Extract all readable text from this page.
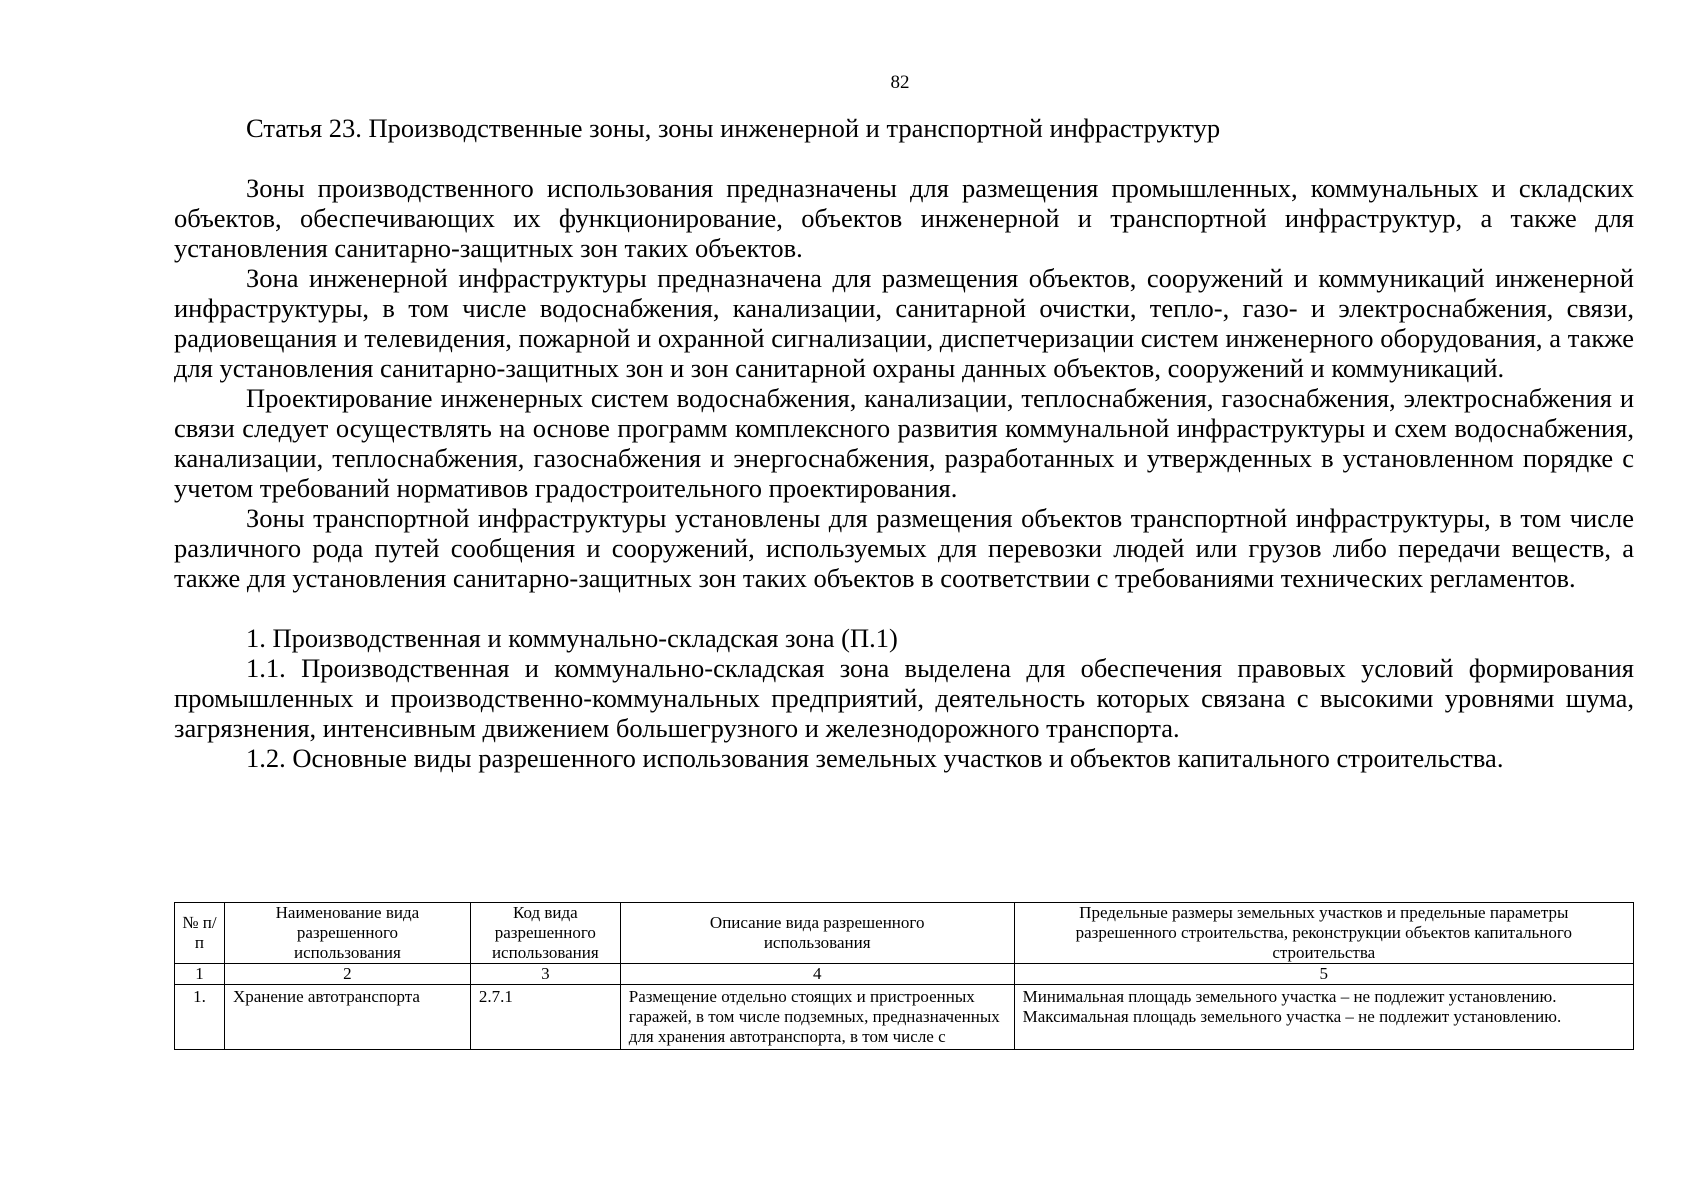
82

Статья 23. Производственные зоны, зоны инженерной и транспортной инфраструктур

Зоны производственного использования предназначены для размещения промышленных, коммунальных и складских объектов, обеспечивающих их функционирование, объектов инженерной и транспортной инфраструктур, а также для установления санитарно-защитных зон таких объектов.

Зона инженерной инфраструктуры предназначена для размещения объектов, сооружений и коммуникаций инженерной инфраструктуры, в том числе водоснабжения, канализации, санитарной очистки, тепло-, газо- и электроснабжения, связи, радиовещания и телевидения, пожарной и охранной сигнализации, диспетчеризации систем инженерного оборудования, а также для установления санитарно-защитных зон и зон санитарной охраны данных объектов, сооружений и коммуникаций.

Проектирование инженерных систем водоснабжения, канализации, теплоснабжения, газоснабжения, электроснабжения и связи следует осуществлять на основе программ комплексного развития коммунальной инфраструктуры и схем водоснабжения, канализации, теплоснабжения, газоснабжения и энергоснабжения, разработанных и утвержденных в установленном порядке с учетом требований нормативов градостроительного проектирования.

Зоны транспортной инфраструктуры установлены для размещения объектов транспортной инфраструктуры, в том числе различного рода путей сообщения и сооружений, используемых для перевозки людей или грузов либо передачи веществ, а также для установления санитарно-защитных зон таких объектов в соответствии с требованиями технических регламентов.

1. Производственная и коммунально-складская зона (П.1)

1.1. Производственная и коммунально-складская зона выделена для обеспечения правовых условий формирования промышленных и производственно-коммунальных предприятий, деятельность которых связана с высокими уровнями шума, загрязнения, интенсивным движением большегрузного и железнодорожного транспорта.

1.2. Основные виды разрешенного использования земельных участков и объектов капитального строительства.

№ п/п	Наименование вида разрешенного использования	Код вида разрешенного использования	Описание вида разрешенного использования	Предельные размеры земельных участков и предельные параметры разрешенного строительства, реконструкции объектов капитального строительства
1	2	3	4	5
1.	Хранение автотранспорта	2.7.1	Размещение отдельно стоящих и пристроенных гаражей, в том числе подземных, предназначенных для хранения автотранспорта, в том числе с	Минимальная площадь земельного участка – не подлежит установлению.
Максимальная площадь земельного участка – не подлежит установлению.
